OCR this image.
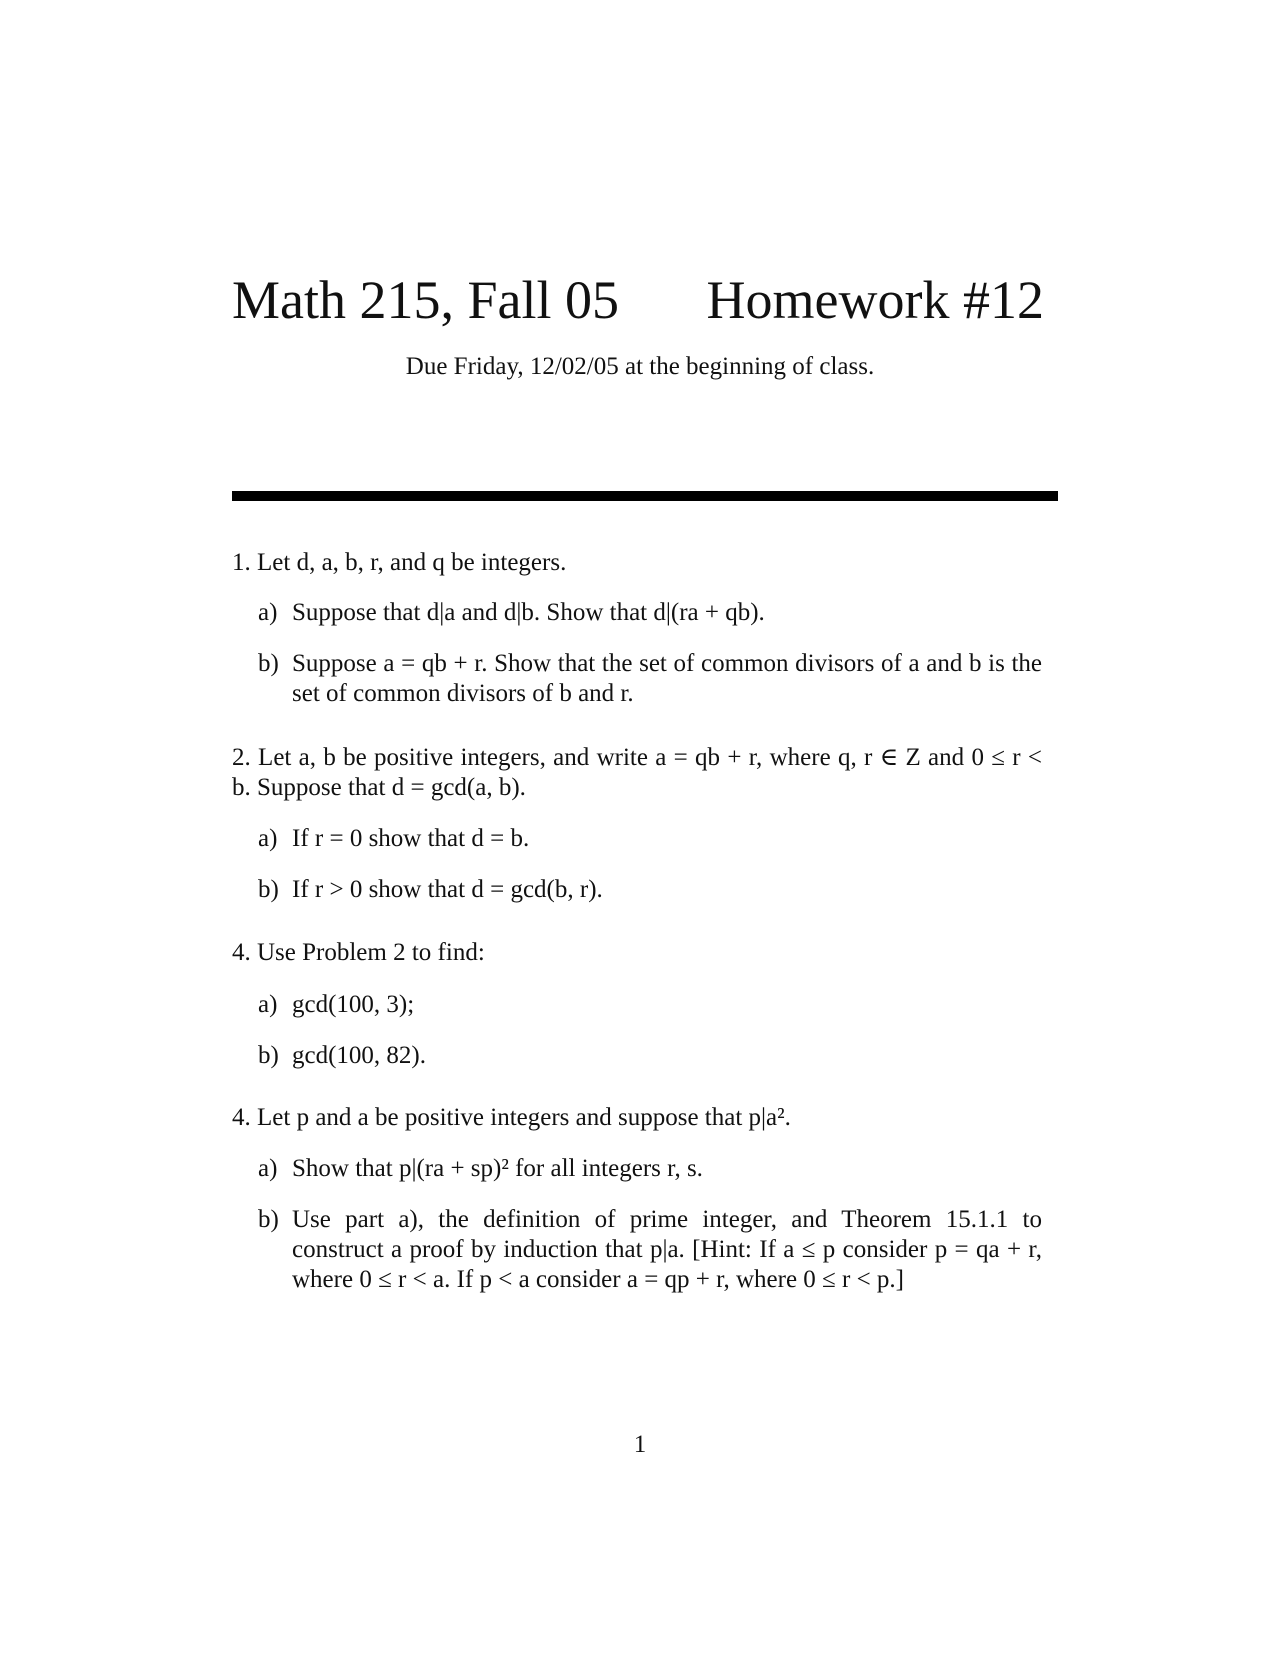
Math 215, Fall 05 Homework #12
Due Friday, 12/02/05 at the beginning of class.
1. Let d, a, b, r, and q be integers.
a) Suppose that d|a and d|b. Show that d|(ra + qb).
b) Suppose a = qb + r. Show that the set of common divisors of a and b is the set of common divisors of b and r.
2. Let a, b be positive integers, and write a = qb + r, where q, r ∈ Z and 0 ≤ r < b. Suppose that d = gcd(a, b).
a) If r = 0 show that d = b.
b) If r > 0 show that d = gcd(b, r).
4. Use Problem 2 to find:
a) gcd(100, 3);
b) gcd(100, 82).
4. Let p and a be positive integers and suppose that p|a².
a) Show that p|(ra + sp)² for all integers r, s.
b) Use part a), the definition of prime integer, and Theorem 15.1.1 to construct a proof by induction that p|a. [Hint: If a ≤ p consider p = qa + r, where 0 ≤ r < a. If p < a consider a = qp + r, where 0 ≤ r < p.]
1
